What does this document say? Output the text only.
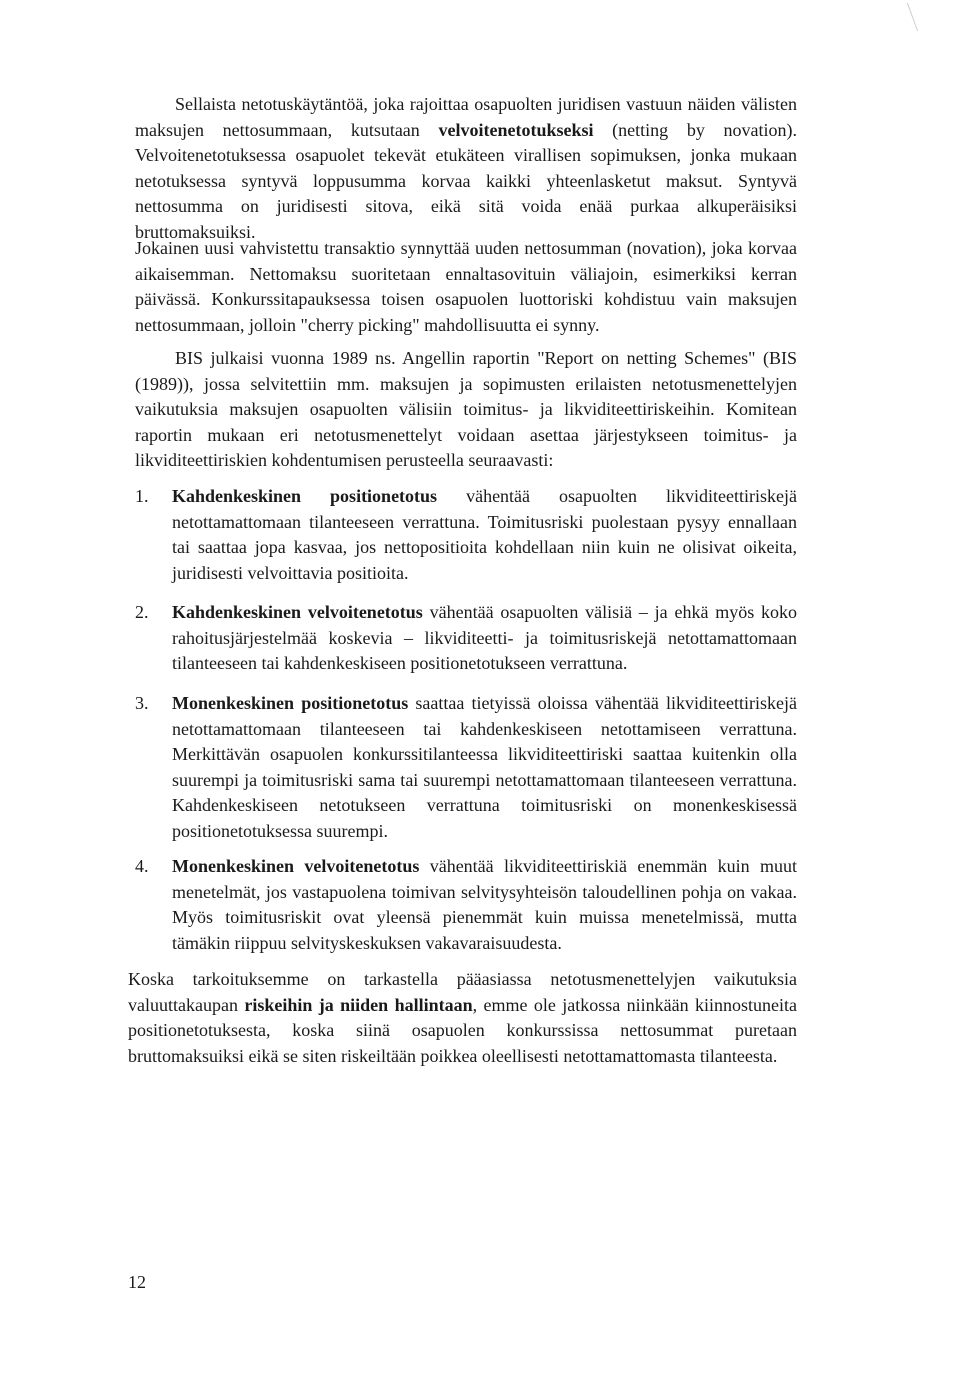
Sellaista netotuskäytäntöä, joka rajoittaa osapuolten juridisen vastuun näiden välisten maksujen nettosummaan, kutsutaan velvoitenetotukseksi (netting by novation). Velvoitenetotuksessa osapuolet tekevät etukäteen virallisen sopimuksen, jonka mukaan netotuksessa syntyvä loppusumma korvaa kaikki yhteenlasketut maksut. Syntyvä nettosumma on juridisesti sitova, eikä sitä voida enää purkaa alkuperäisiksi bruttomaksuiksi.

Jokainen uusi vahvistettu transaktio synnyttää uuden nettosumman (novation), joka korvaa aikaisemman. Nettomaksu suoritetaan ennaltasovituin väliajoin, esimerkiksi kerran päivässä. Konkurssitapauksessa toisen osapuolen luottoriski kohdistuu vain maksujen nettosummaan, jolloin "cherry picking" mahdollisuutta ei synny.

BIS julkaisi vuonna 1989 ns. Angellin raportin "Report on netting Schemes" (BIS (1989)), jossa selvitettiin mm. maksujen ja sopimusten erilaisten netotusmenettelyjen vaikutuksia maksujen osapuolten välisiin toimitus- ja likviditeettiriskeihin. Komitean raportin mukaan eri netotusmenettelyt voidaan asettaa järjestykseen toimitus- ja likviditeettiriskien kohdentumisen perusteella seuraavasti:

1. Kahdenkeskinen positionetotus vähentää osapuolten likviditeettiriskejä netottamattomaan tilanteeseen verrattuna. Toimitusriski puolestaan pysyy ennallaan tai saattaa jopa kasvaa, jos nettopositioita kohdellaan niin kuin ne olisivat oikeita, juridisesti velvoittavia positioita.

2. Kahdenkeskinen velvoitenetotus vähentää osapuolten välisiä – ja ehkä myös koko rahoitusjärjestelmää koskevia – likviditeetti- ja toimitusriskejä netottamattomaan tilanteeseen tai kahdenkeskiseen positionetotukseen verrattuna.

3. Monenkeskinen positionetotus saattaa tietyissä oloissa vähentää likviditeettiriskejä netottamattomaan tilanteeseen tai kahdenkeskiseen netottamiseen verrattuna. Merkittävän osapuolen konkurssitilanteessa likviditeettiriski saattaa kuitenkin olla suurempi ja toimitusriski sama tai suurempi netottamattomaan tilanteeseen verrattuna. Kahdenkeskiseen netotukseen verrattuna toimitusriski on monenkeskisessä positionetotuksessa suurempi.

4. Monenkeskinen velvoitenetotus vähentää likviditeettiriskiä enemmän kuin muut menetelmät, jos vastapuolena toimivan selvitysyhteisön taloudellinen pohja on vakaa. Myös toimitusriskit ovat yleensä pienemmät kuin muissa menetelmissä, mutta tämäkin riippuu selvityskeskuksen vakavaraisuudesta.

Koska tarkoituksemme on tarkastella pääasiassa netotusmenettelyjen vaikutuksia valuuttakaupan riskeihin ja niiden hallintaan, emme ole jatkossa niinkään kiinnostuneita positionetotuksesta, koska siinä osapuolen konkurssissa nettosummat puretaan bruttomaksuiksi eikä se siten riskeiltään poikkea oleellisesti netottamattomasta tilanteesta.

12
